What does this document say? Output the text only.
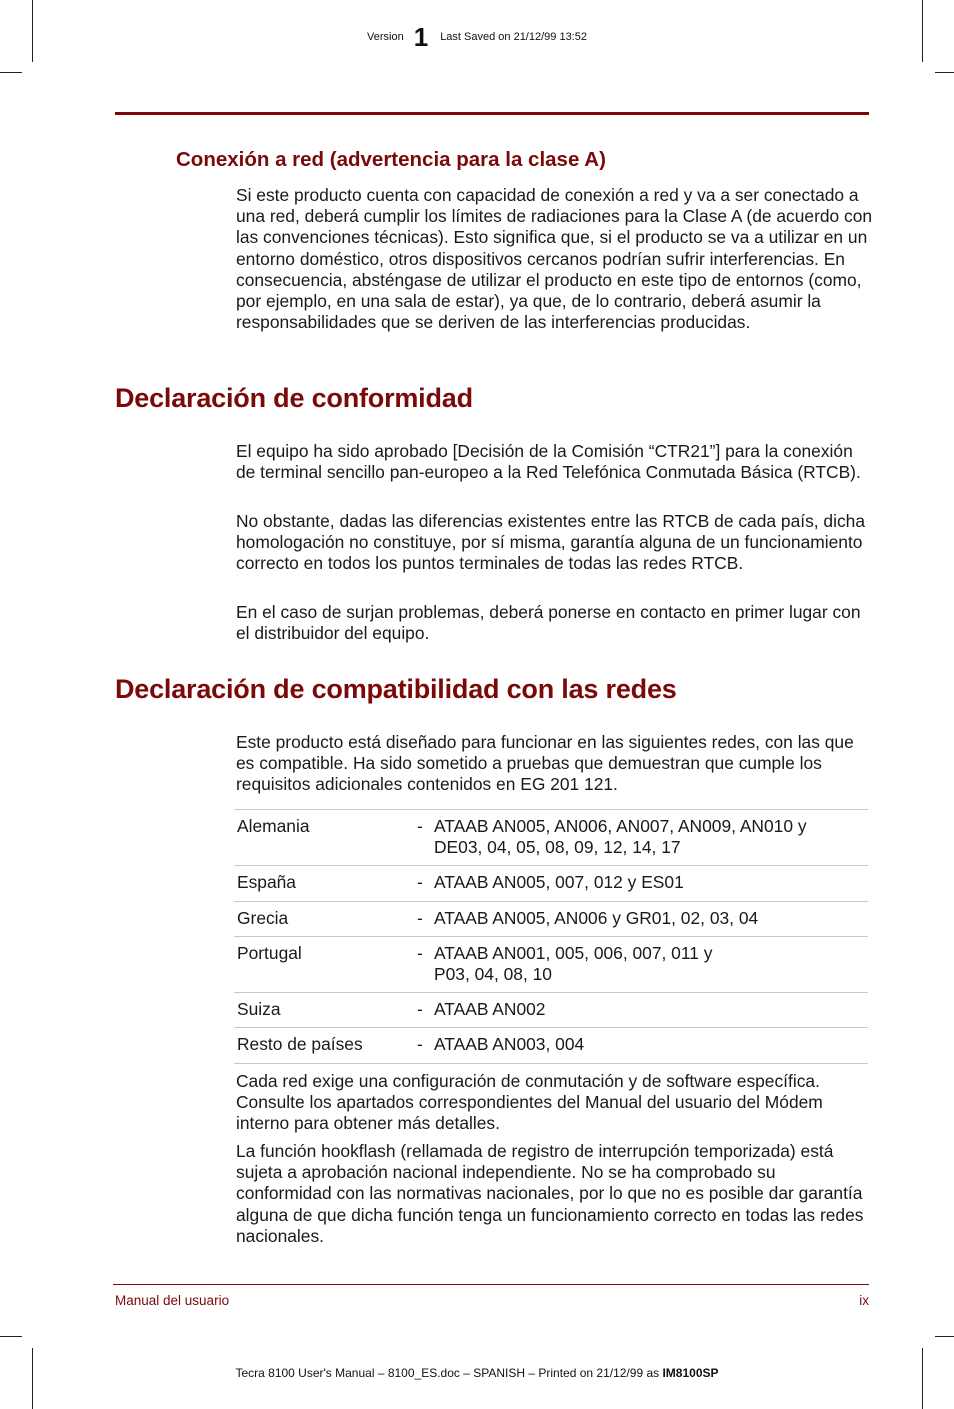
Version 1 Last Saved on 21/12/99 13:52
Conexión a red (advertencia para la clase A)
Si este producto cuenta con capacidad de conexión a red y va a ser conectado a una red, deberá cumplir los límites de radiaciones para la Clase A (de acuerdo con las convenciones técnicas). Esto significa que, si el producto se va a utilizar en un entorno doméstico, otros dispositivos cercanos podrían sufrir interferencias. En consecuencia, absténgase de utilizar el producto en este tipo de entornos (como, por ejemplo, en una sala de estar), ya que, de lo contrario, deberá asumir la responsabilidades que se deriven de las interferencias producidas.
Declaración de conformidad
El equipo ha sido aprobado [Decisión de la Comisión “CTR21”] para la conexión de terminal sencillo pan-europeo a la Red Telefónica Conmutada Básica (RTCB).
No obstante, dadas las diferencias existentes entre las RTCB de cada país, dicha homologación no constituye, por sí misma, garantía alguna de un funcionamiento correcto en todos los puntos terminales de todas las redes RTCB.
En el caso de surjan problemas, deberá ponerse en contacto en primer lugar con el distribuidor del equipo.
Declaración de compatibilidad con las redes
Este producto está diseñado para funcionar en las siguientes redes, con las que es compatible. Ha sido sometido a pruebas que demuestran que cumple los requisitos adicionales contenidos en EG 201 121.
Alemania	-	ATAAB AN005, AN006, AN007, AN009, AN010 y
DE03, 04, 05, 08, 09, 12, 14, 17

España	-	ATAAB AN005, 007, 012 y ES01

Grecia	-	ATAAB AN005, AN006 y GR01, 02, 03, 04

Portugal	-	ATAAB AN001, 005, 006, 007, 011 y
P03, 04, 08, 10

Suiza	-	ATAAB AN002

Resto de países	-	ATAAB AN003, 004
Cada red exige una configuración de conmutación y de software específica. Consulte los apartados correspondientes del Manual del usuario del Módem interno para obtener más detalles.
La función hookflash (rellamada de registro de interrupción temporizada) está sujeta a aprobación nacional independiente. No se ha comprobado su conformidad con las normativas nacionales, por lo que no es posible dar garantía alguna de que dicha función tenga un funcionamiento correcto en todas las redes nacionales.
Manual del usuario	ix
Tecra 8100 User's Manual – 8100_ES.doc – SPANISH – Printed on 21/12/99 as IM8100SP
